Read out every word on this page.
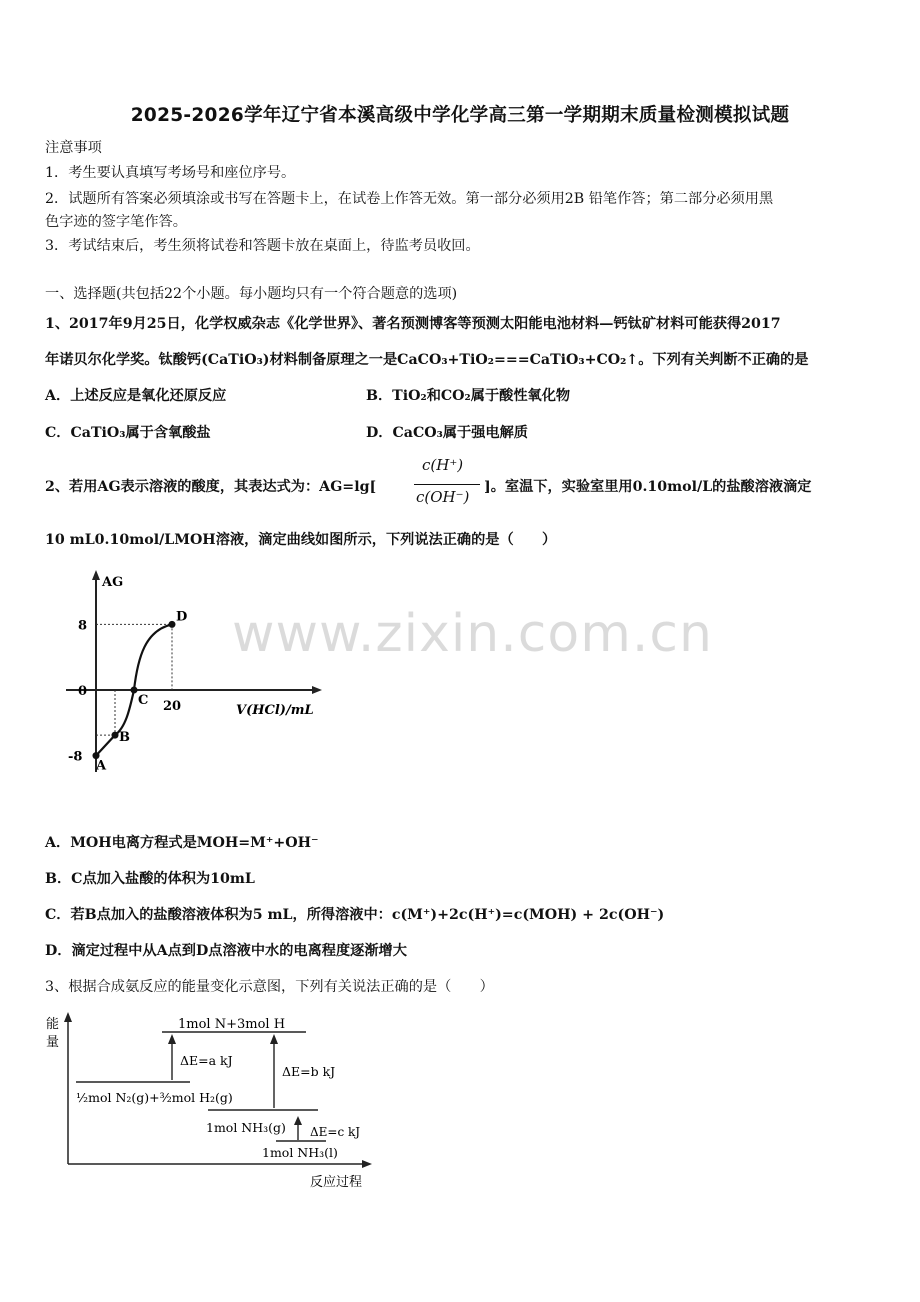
2025-2026学年辽宁省本溪高级中学化学高三第一学期期末质量检测模拟试题
注意事项
1．考生要认真填写考场号和座位序号。
2．试题所有答案必须填涂或书写在答题卡上，在试卷上作答无效。第一部分必须用2B 铅笔作答；第二部分必须用黑
色字迹的签字笔作答。
3．考试结束后，考生须将试卷和答题卡放在桌面上，待监考员收回。
一、选择题(共包括22个小题。每小题均只有一个符合题意的选项)
1、2017年9月25日，化学权威杂志《化学世界》、著名预测博客等预测太阳能电池材料—钙钛矿材料可能获得2017
年诺贝尔化学奖。钛酸钙(CaTiO₃)材料制备原理之一是CaCO₃+TiO₂===CaTiO₃+CO₂↑。下列有关判断不正确的是
A．上述反应是氧化还原反应	B．TiO₂和CO₂属于酸性氧化物
C．CaTiO₃属于含氧酸盐	D．CaCO₃属于强电解质
2、若用AG表示溶液的酸度，其表达式为：AG=lg[
c(H⁺)
c(OH⁻)
]。室温下，实验室里用0.10mol/L的盐酸溶液滴定
10 mL0.10mol/LMOH溶液，滴定曲线如图所示，下列说法正确的是（　　）
AG
V(HCl)/mL
8
0
-8
20
A
B
C
D www.zixin.com.cn
A．MOH电离方程式是MOH=M⁺+OH⁻
B．C点加入盐酸的体积为10mL
C．若B点加入的盐酸溶液体积为5 mL，所得溶液中：c(M⁺)+2c(H⁺)=c(MOH) + 2c(OH⁻)
D．滴定过程中从A点到D点溶液中水的电离程度逐渐增大
3、根据合成氨反应的能量变化示意图，下列有关说法正确的是（　　）
能
量
反应过程
1mol N+3mol H
½mol N₂(g)+³⁄₂mol H₂(g)
ΔE=a kJ
ΔE=b kJ
1mol NH₃(g) ΔE=c kJ
1mol NH₃(l)
